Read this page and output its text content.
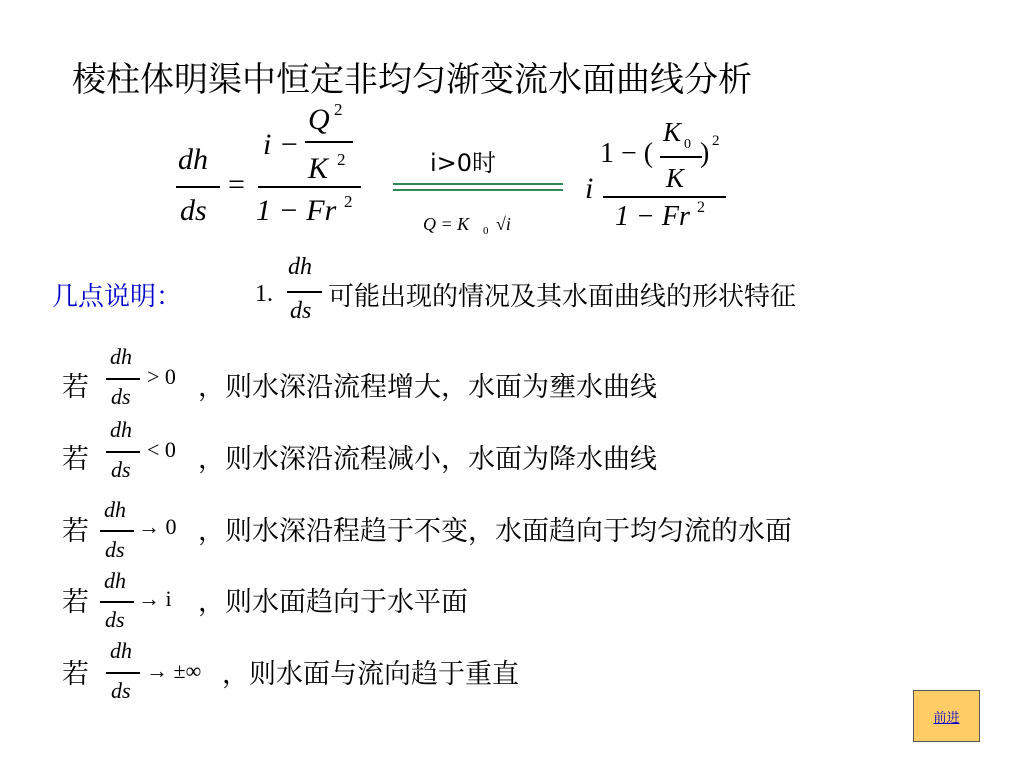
棱柱体明渠中恒定非均匀渐变流水面曲线分析
dh
ds
=
i −
Q 2
K 2
1 − Fr 2
i>0时
Q = K 0 √i
i
1 − (
K 0
K
) 2
1 − Fr 2
几点说明：	1.
dh
ds 可能出现的情况及其水面曲线的形状特征
若
dh
ds
> 0 ，则水深沿流程增大，水面为壅水曲线
若
dh
ds
< 0 ，则水深沿流程减小，水面为降水曲线
若
dh
ds
→ 0 ，则水深沿程趋于不变，水面趋向于均匀流的水面
若
dh
ds
→ i ，则水面趋向于水平面
若
dh
ds
→ ±∞ ，则水面与流向趋于重直
前进
